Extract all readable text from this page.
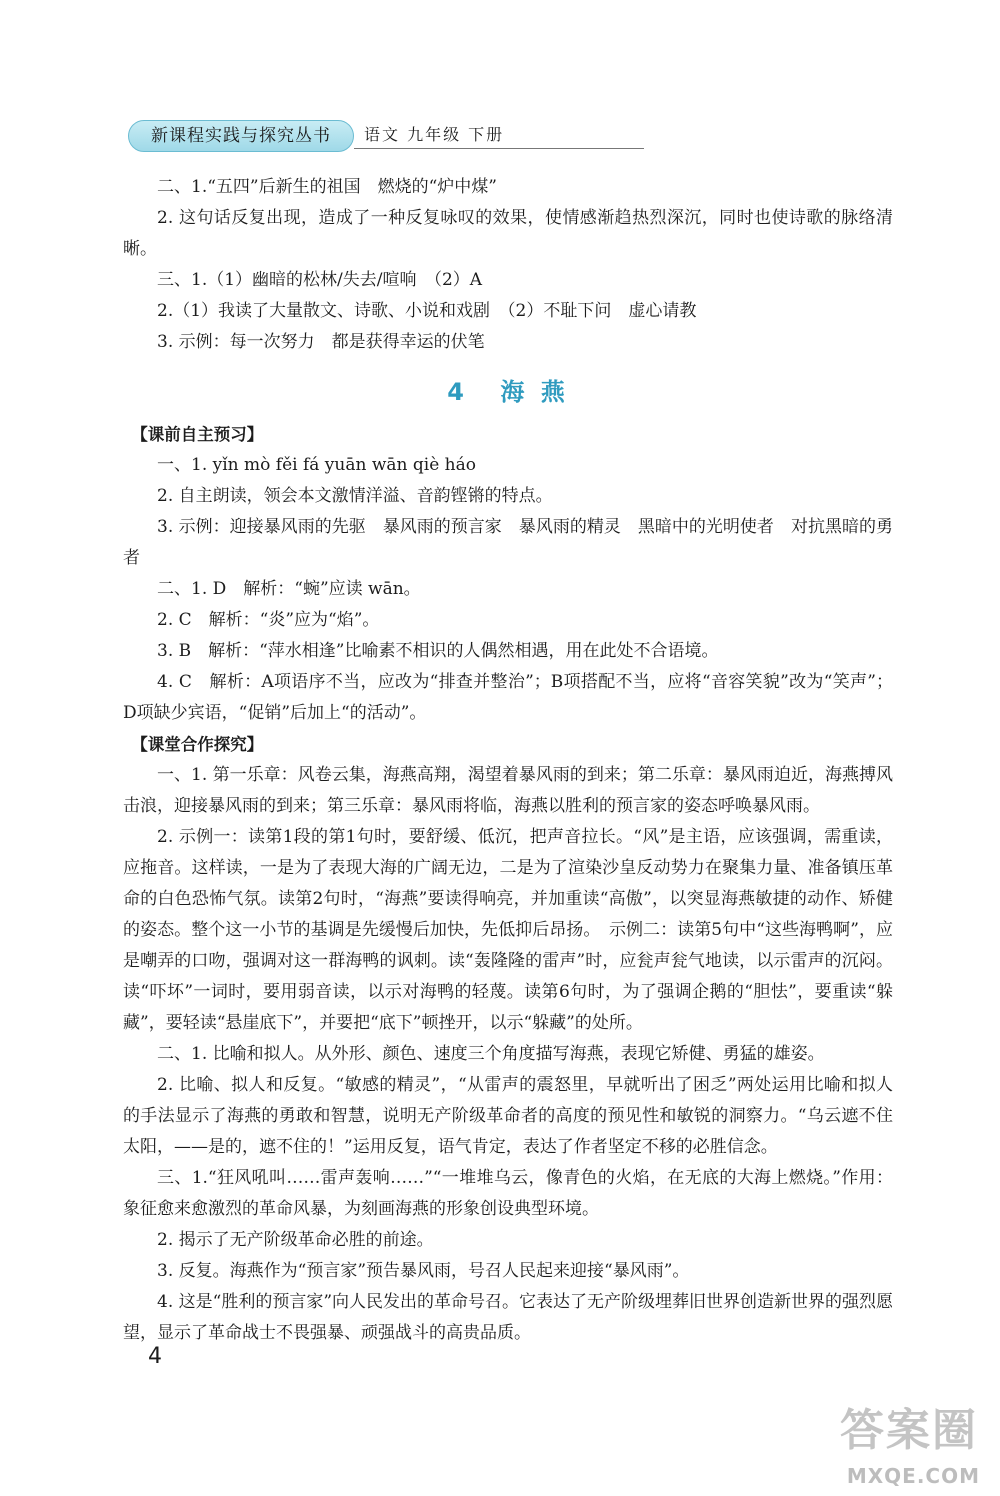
新课程实践与探究丛书	语文 九年级 下册

二、1.“五四”后新生的祖国　燃烧的“炉中煤”

2. 这句话反复出现，造成了一种反复咏叹的效果，使情感渐趋热烈深沉，同时也使诗歌的脉络清晰。

三、1.（1）幽暗的松林/失去/喧响　（2）A

2.（1）我读了大量散文、诗歌、小说和戏剧　（2）不耻下问　虚心请教

3. 示例：每一次努力　都是获得幸运的伏笔

4 海 燕

【课前自主预习】

一、1. yǐn mò fěi fá yuān wān qiè háo

2. 自主朗读，领会本文激情洋溢、音韵铿锵的特点。

3. 示例：迎接暴风雨的先驱　暴风雨的预言家　暴风雨的精灵　黑暗中的光明使者　对抗黑暗的勇者

二、1. D　解析：“蜿”应读 wān。

2. C　解析：“炎”应为“焰”。

3. B　解析：“萍水相逢”比喻素不相识的人偶然相遇，用在此处不合语境。

4. C　解析：A项语序不当，应改为“排查并整治”；B项搭配不当，应将“音容笑貌”改为“笑声”；D项缺少宾语，“促销”后加上“的活动”。

【课堂合作探究】

一、1. 第一乐章：风卷云集，海燕高翔，渴望着暴风雨的到来；第二乐章：暴风雨迫近，海燕搏风击浪，迎接暴风雨的到来；第三乐章：暴风雨将临，海燕以胜利的预言家的姿态呼唤暴风雨。

2. 示例一：读第1段的第1句时，要舒缓、低沉，把声音拉长。“风”是主语，应该强调，需重读，应拖音。这样读，一是为了表现大海的广阔无边，二是为了渲染沙皇反动势力在聚集力量、准备镇压革命的白色恐怖气氛。读第2句时，“海燕”要读得响亮，并加重读“高傲”，以突显海燕敏捷的动作、矫健的姿态。整个这一小节的基调是先缓慢后加快，先低抑后昂扬。　示例二：读第5句中“这些海鸭啊”，应是嘲弄的口吻，强调对这一群海鸭的讽刺。读“轰隆隆的雷声”时，应瓮声瓮气地读，以示雷声的沉闷。读“吓坏”一词时，要用弱音读，以示对海鸭的轻蔑。读第6句时，为了强调企鹅的“胆怯”，要重读“躲藏”，要轻读“悬崖底下”，并要把“底下”顿挫开，以示“躲藏”的处所。

二、1. 比喻和拟人。从外形、颜色、速度三个角度描写海燕，表现它矫健、勇猛的雄姿。

2. 比喻、拟人和反复。“敏感的精灵”，“从雷声的震怒里，早就听出了困乏”两处运用比喻和拟人的手法显示了海燕的勇敢和智慧，说明无产阶级革命者的高度的预见性和敏锐的洞察力。“乌云遮不住太阳，——是的，遮不住的！”运用反复，语气肯定，表达了作者坚定不移的必胜信念。

三、1.“狂风吼叫……雷声轰响……”“一堆堆乌云，像青色的火焰，在无底的大海上燃烧。”作用：象征愈来愈激烈的革命风暴，为刻画海燕的形象创设典型环境。

2. 揭示了无产阶级革命必胜的前途。

3. 反复。海燕作为“预言家”预告暴风雨，号召人民起来迎接“暴风雨”。

4. 这是“胜利的预言家”向人民发出的革命号召。它表达了无产阶级埋葬旧世界创造新世界的强烈愿望，显示了革命战士不畏强暴、顽强战斗的高贵品质。

4
答案圈
MXQE.COM
